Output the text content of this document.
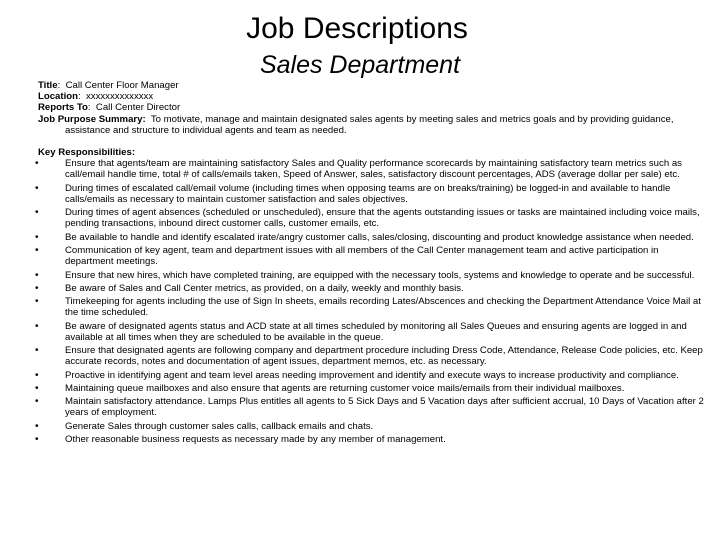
Job Descriptions
Sales Department

Title:  Call Center Floor Manager

Location:  xxxxxxxxxxxxxx

Reports To:  Call Center Director

Job Purpose Summary: To motivate, manage and maintain designated sales agents by meeting sales and metrics goals and by providing guidance, assistance and structure to individual agents and team as needed.

Key Responsibilities:
•	Ensure that agents/team are maintaining satisfactory Sales and Quality performance scorecards by maintaining satisfactory team metrics such as call/email handle time, total # of calls/emails taken, Speed of Answer, sales, satisfactory discount percentages, ADS (average dollar per sale) etc.
•	During times of escalated call/email volume (including times when opposing teams are on breaks/training) be logged-in and available to handle calls/emails as necessary to maintain customer satisfaction and sales objectives.
•	During times of agent absences (scheduled or unscheduled), ensure that the agents outstanding issues or tasks are maintained including voice mails, pending transactions, inbound direct customer calls, customer emails, etc.
•	Be available to handle and identify escalated irate/angry customer calls, sales/closing, discounting and product knowledge assistance when needed.
•	Communication of key agent, team and department issues with all members of the Call Center management team and active participation in department meetings.
•	Ensure that new hires, which have completed training, are equipped with the necessary tools, systems and knowledge to operate and be successful.
•	Be aware of Sales and Call Center metrics, as provided, on a daily, weekly and monthly basis.
•	Timekeeping for agents including the use of Sign In sheets, emails recording Lates/Abscences and checking the Department Attendance Voice Mail at the time scheduled.
•	Be aware of designated agents status and ACD state at all times scheduled by monitoring all Sales Queues and ensuring agents are logged in and available at all times when they are scheduled to be available in the queue.
•	Ensure that designated agents are following company and department procedure including Dress Code, Attendance, Release Code policies, etc. Keep accurate records, notes and documentation of agent issues, department memos, etc. as necessary.
•	Proactive in identifying agent and team level areas needing improvement and identify and execute ways to increase productivity and compliance.
•	Maintaining queue mailboxes and also ensure that agents are returning customer voice mails/emails from their individual mailboxes.
•	Maintain satisfactory attendance. Lamps Plus entitles all agents to 5 Sick Days and 5 Vacation days after sufficient accrual, 10 Days of Vacation after 2 years of employment.
•	Generate Sales through customer sales calls, callback emails and chats.
•	Other reasonable business requests as necessary made by any member of management.
